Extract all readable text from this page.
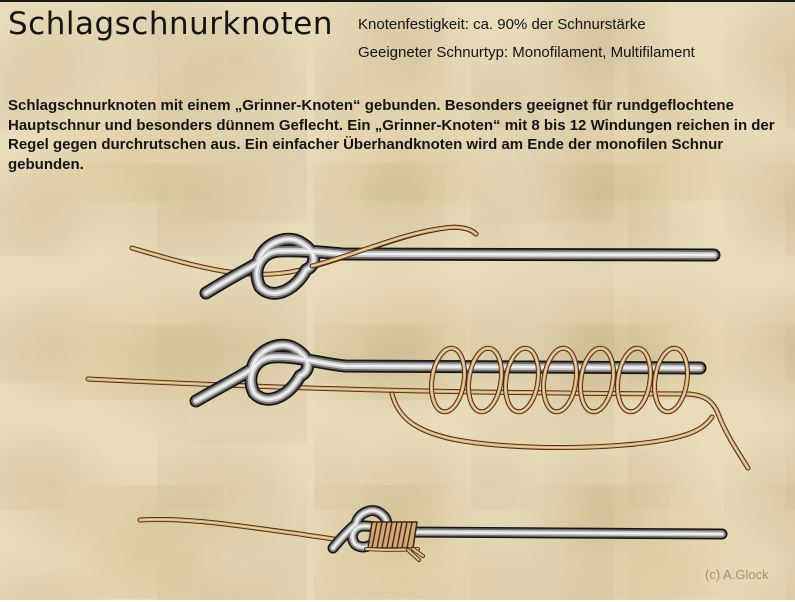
Schlagschnurknoten Knotenfestigkeit: ca. 90% der Schnurstärke
Geeigneter Schnurtyp: Monofilament, Multifilament
Schlagschnurknoten mit einem „Grinner-Knoten“ gebunden. Besonders geeignet für rundgeflochtene Hauptschnur und besonders dünnem Geflecht. Ein „Grinner-Knoten“ mit 8 bis 12 Windungen reichen in der Regel gegen durchrutschen aus. Ein einfacher Überhandknoten wird am Ende der monofilen Schnur gebunden.
(c) A.Glock
